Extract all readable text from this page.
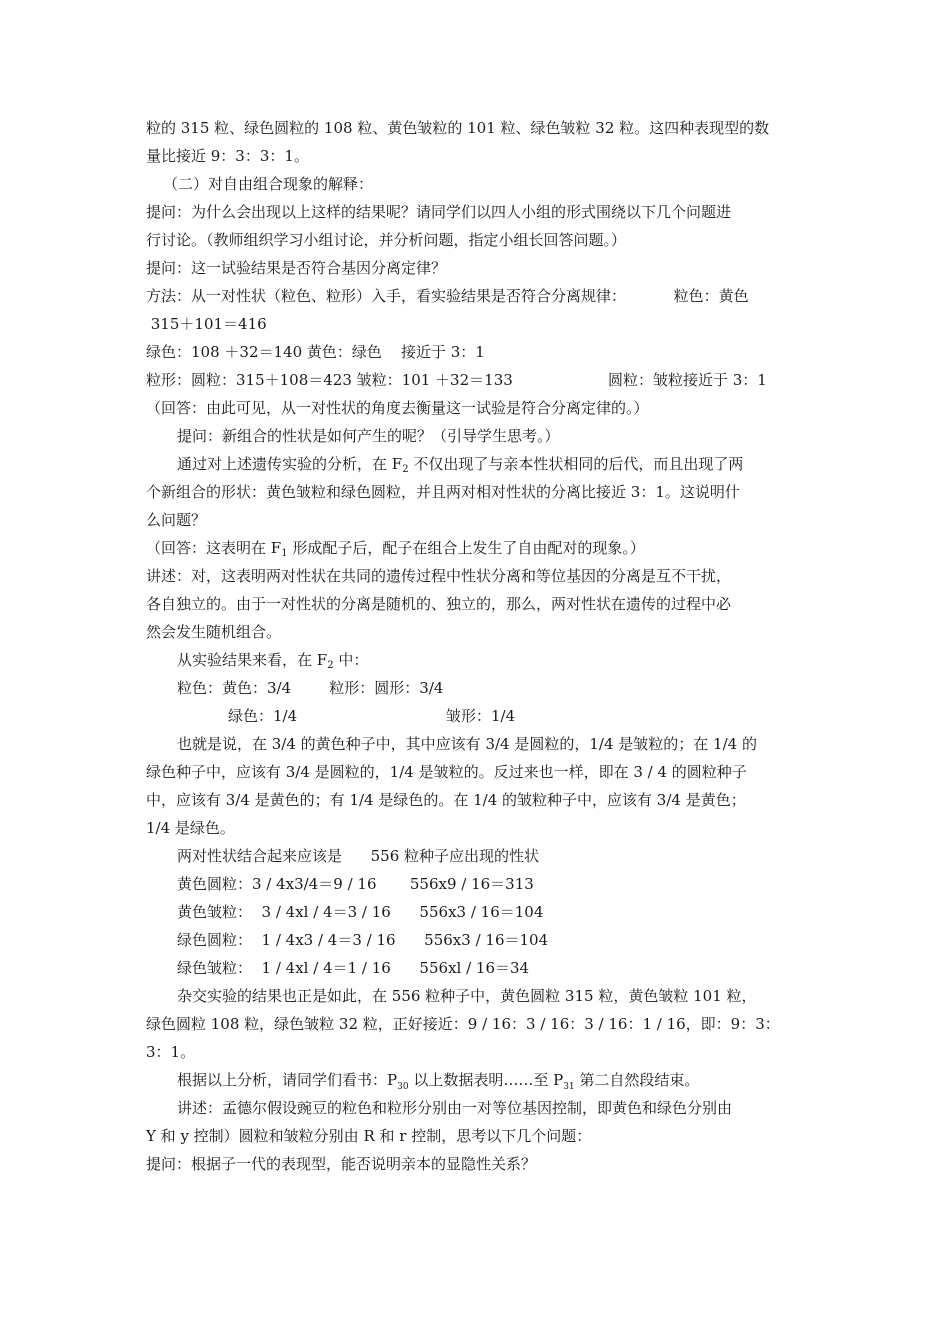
粒的 315 粒、绿色圆粒的 108 粒、黄色皱粒的 101 粒、绿色皱粒 32 粒。这四种表现型的数
量比接近 9：3：3：1。
（二）对自由组合现象的解释：
提问：为什么会出现以上这样的结果呢？请同学们以四人小组的形式围绕以下几个问题进
行讨论。（教师组织学习小组讨论，并分析问题，指定小组长回答问题。）
提问：这一试验结果是否符合基因分离定律？
方法：从一对性状（粒色、粒形）入手，看实验结果是否符合分离规律：          粒色：黄色
315＋101＝416
绿色：108 ＋32＝140 黄色：绿色    接近于 3：1
粒形：圆粒：315＋108＝423 皱粒：101 ＋32＝133	圆粒：皱粒接近于 3：1
（回答：由此可见，从一对性状的角度去衡量这一试验是符合分离定律的。）
提问：新组合的性状是如何产生的呢？（引导学生思考。）
通过对上述遗传实验的分析，在 $F_2$ 不仅出现了与亲本性状相同的后代，而且出现了两
个新组合的形状：黄色皱粒和绿色圆粒，并且两对相对性状的分离比接近 3：1。这说明什
么问题？
（回答：这表明在 $F_1$ 形成配子后，配子在组合上发生了自由配对的现象。）
讲述：对，这表明两对性状在共同的遗传过程中性状分离和等位基因的分离是互不干扰，
各自独立的。由于一对性状的分离是随机的、独立的，那么，两对性状在遗传的过程中必
然会发生随机组合。
从实验结果来看，在 $F_2$ 中：
粒色：黄色：3/4        粒形：圆形：3/4
绿色：1/4	皱形：1/4
也就是说，在 3/4 的黄色种子中，其中应该有 3/4 是圆粒的，1/4 是皱粒的；在 1/4 的
绿色种子中，应该有 3/4 是圆粒的，1/4 是皱粒的。反过来也一样，即在 3 / 4 的圆粒种子
中，应该有 3/4 是黄色的；有 1/4 是绿色的。在 1/4 的皱粒种子中，应该有 3/4 是黄色；
1/4 是绿色。
两对性状结合起来应该是      556 粒种子应出现的性状
黄色圆粒：3 / 4x3/4＝9 / 16       556x9 / 16＝313
黄色皱粒：  3 / 4xl / 4＝3 / 16      556x3 / 16＝104
绿色圆粒：  1 / 4x3 / 4＝3 / 16      556x3 / 16＝104
绿色皱粒：  1 / 4xl / 4＝1 / 16      556xl / 16＝34
杂交实验的结果也正是如此，在 556 粒种子中，黄色圆粒 315 粒，黄色皱粒 101 粒，
绿色圆粒 108 粒，绿色皱粒 32 粒，正好接近：9 / 16：3 / 16：3 / 16：1 / 16，即：9：3：
3：1。
根据以上分析，请同学们看书：$P_{30}$ 以上数据表明……至 $P_{31}$ 第二自然段结束。
讲述：孟德尔假设豌豆的粒色和粒形分别由一对等位基因控制，即黄色和绿色分别由
Y 和 y 控制）圆粒和皱粒分别由 R 和 r 控制，思考以下几个问题：
提问：根据子一代的表现型，能否说明亲本的显隐性关系？
